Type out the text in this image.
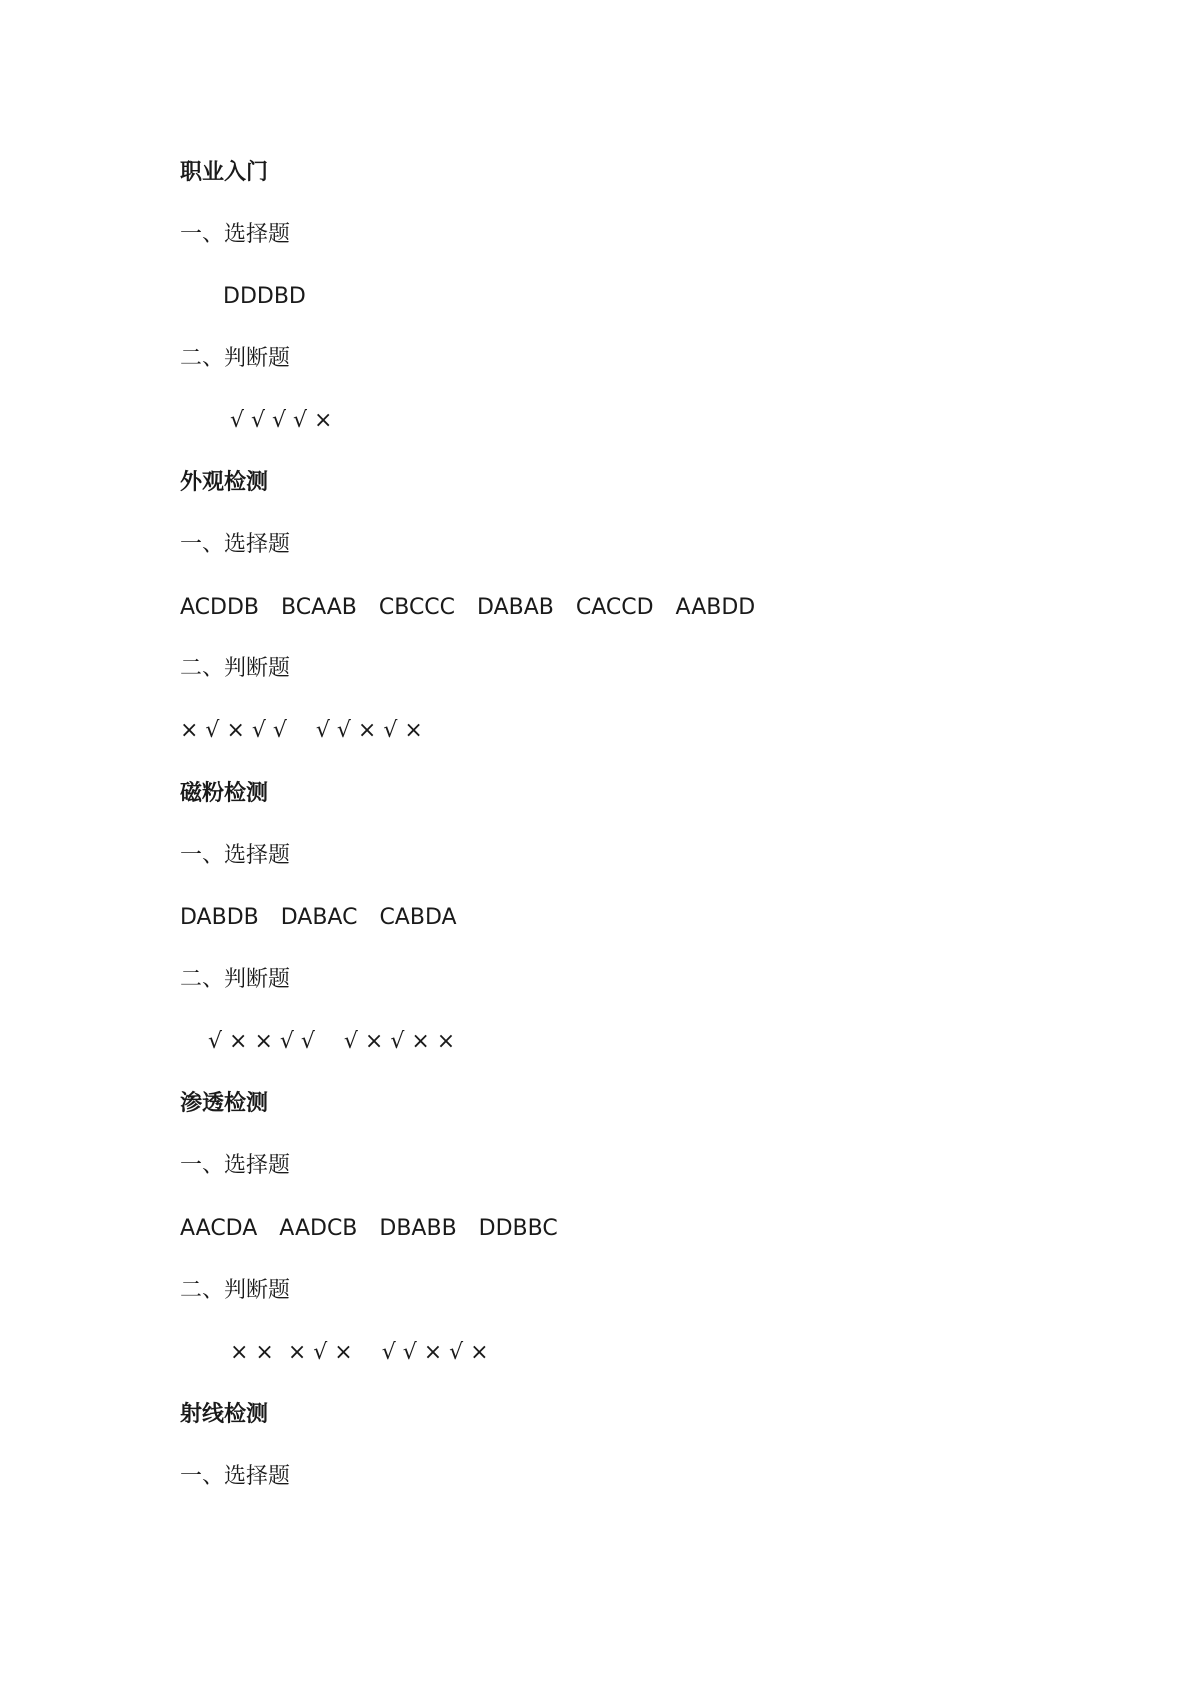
职业入门
一、选择题
DDDBD
二、判断题
√ √ √ √ ×
外观检测
一、选择题
ACDDB　BCAAB　CBCCC　DABAB　CACCD　AABDD
二、判断题
× √ × √ √　 √ √ × √ ×
磁粉检测
一、选择题
DABDB　DABAC　CABDA
二、判断题
√ × × √ √　 √ × √ × ×
渗透检测
一、选择题
AACDA　AADCB　DBABB　DDBBC
二、判断题
× ×  × √ ×　 √ √ × √ ×
射线检测
一、选择题
